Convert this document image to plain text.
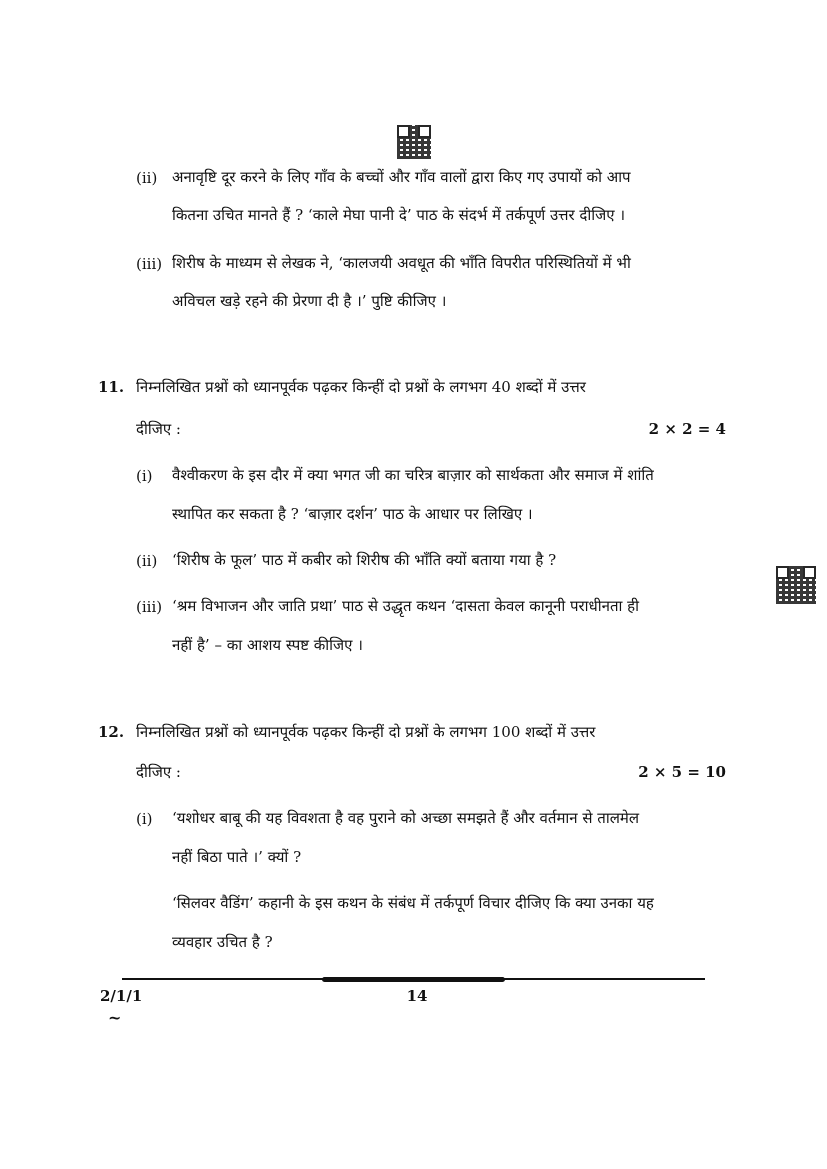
(ii) अनावृष्टि दूर करने के लिए गाँव के बच्चों और गाँव वालों द्वारा किए गए उपायों को आप
कितना उचित मानते हैं ? ‘काले मेघा पानी दे’ पाठ के संदर्भ में तर्कपूर्ण उत्तर दीजिए ।
(iii) शिरीष के माध्यम से लेखक ने, ‘कालजयी अवधूत की भाँति विपरीत परिस्थितियों में भी
अविचल खड़े रहने की प्रेरणा दी है ।’ पुष्टि कीजिए ।
11. निम्नलिखित प्रश्नों को ध्यानपूर्वक पढ़कर किन्हीं दो प्रश्नों के लगभग 40 शब्दों में उत्तर
दीजिए :	2 × 2 = 4
(i) वैश्वीकरण के इस दौर में क्या भगत जी का चरित्र बाज़ार को सार्थकता और समाज में शांति
स्थापित कर सकता है ? ‘बाज़ार दर्शन’ पाठ के आधार पर लिखिए ।
(ii) ‘शिरीष के फूल’ पाठ में कबीर को शिरीष की भाँति क्यों बताया गया है ?
(iii) ‘श्रम विभाजन और जाति प्रथा’ पाठ से उद्धृत कथन ‘दासता केवल कानूनी पराधीनता ही
नहीं है’ – का आशय स्पष्ट कीजिए ।
12. निम्नलिखित प्रश्नों को ध्यानपूर्वक पढ़कर किन्हीं दो प्रश्नों के लगभग 100 शब्दों में उत्तर
दीजिए :	2 × 5 = 10
(i) ‘यशोधर बाबू की यह विवशता है वह पुराने को अच्छा समझते हैं और वर्तमान से तालमेल
नहीं बिठा पाते ।’ क्यों ?
‘सिलवर वैडिंग’ कहानी के इस कथन के संबंध में तर्कपूर्ण विचार दीजिए कि क्या उनका यह
व्यवहार उचित है ?
2/1/1	14
~
